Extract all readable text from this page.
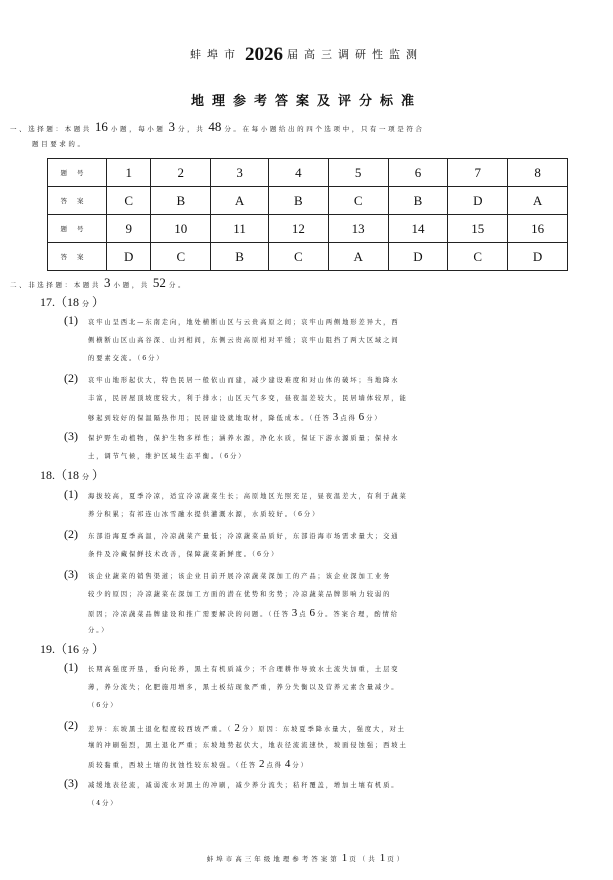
蚌埠市 2026 届高三调研性监测
地理参考答案及评分标准
一、选择题：本题共 16 小题，每小题 3 分，共 48 分。在每小题给出的四个选项中，只有一项是符合
题目要求的。
题号	1	2	3	4	5	6	7	8
答案	C	B	A	B	C	B	D	A
题号	9	10	11	12	13	14	15	16
答案	D	C	B	C	A	D	C	D
二、非选择题：本题共 3 小题，共 52 分。
17.（18 分 ）
(1) 哀牢山呈西北—东南走向，地处横断山区与云贵高原之间；哀牢山两侧地形差异大，西
侧横断山区山高谷深、山河相间，东侧云贵高原相对平缓；哀牢山阻挡了两大区域之间
的要素交流。（6分）
(2) 哀牢山地形起伏大，特色民居一般依山而建，减少建设难度和对山体的破坏；当地降水
丰富，民居屋顶坡度较大，利于排水；山区天气多变，昼夜温差较大，民居墙体较厚，能
够起到较好的保温隔热作用；民居建设就地取材，降低成本。（任答 3 点得 6 分）
(3) 保护野生动植物，保护生物多样性；涵养水源，净化水质，保证下游水源质量；保持水
土，调节气候，维护区域生态平衡。（6分）
18.（18 分 ）
(1) 海拔较高，夏季冷凉，适宜冷凉蔬菜生长；高原地区光照充足，昼夜温差大，有利于蔬菜
养分积累；有祁连山冰雪融水提供灌溉水源，水质较好。（6分）
(2) 东部沿海夏季高温，冷凉蔬菜产量低；冷凉蔬菜品质好，东部沿海市场需求量大；交通
条件及冷藏保鲜技术改善，保障蔬菜新鲜度。（6分）
(3) 该企业蔬菜的销售渠道；该企业目前开展冷凉蔬菜深加工的产品；该企业深加工业务
较少的原因；冷凉蔬菜在深加工方面的潜在优势和劣势；冷凉蔬菜品牌影响力较弱的
原因；冷凉蔬菜品牌建设和推广需要解决的问题。（任答 3 点 6 分。答案合理，酌情给
分。）
19.（16 分 ）
(1) 长期高强度开垦，垂向轮养，黑土有机质减少；不合理耕作导致水土流失加重，土层变
薄，养分流失；化肥施用增多，黑土板结现象严重，养分失衡以及营养元素含量减少。
（6分）
(2) 差异：东坡黑土退化程度较西坡严重。（ 2 分）原因：东坡夏季降水量大，强度大，对土
壤的冲刷强烈，黑土退化严重；东坡地势起伏大，地表径流流速快，坡面侵蚀强；西坡土
质较黏重，西坡土壤的抗蚀性较东坡强。（任答 2 点得 4 分）
(3) 减缓地表径流，减弱流水对黑土的冲刷，减少养分流失；秸秆覆盖，增加土壤有机质。
（4分）
蚌埠市高三年级地理参考答案第 1 页（共 1 页）
